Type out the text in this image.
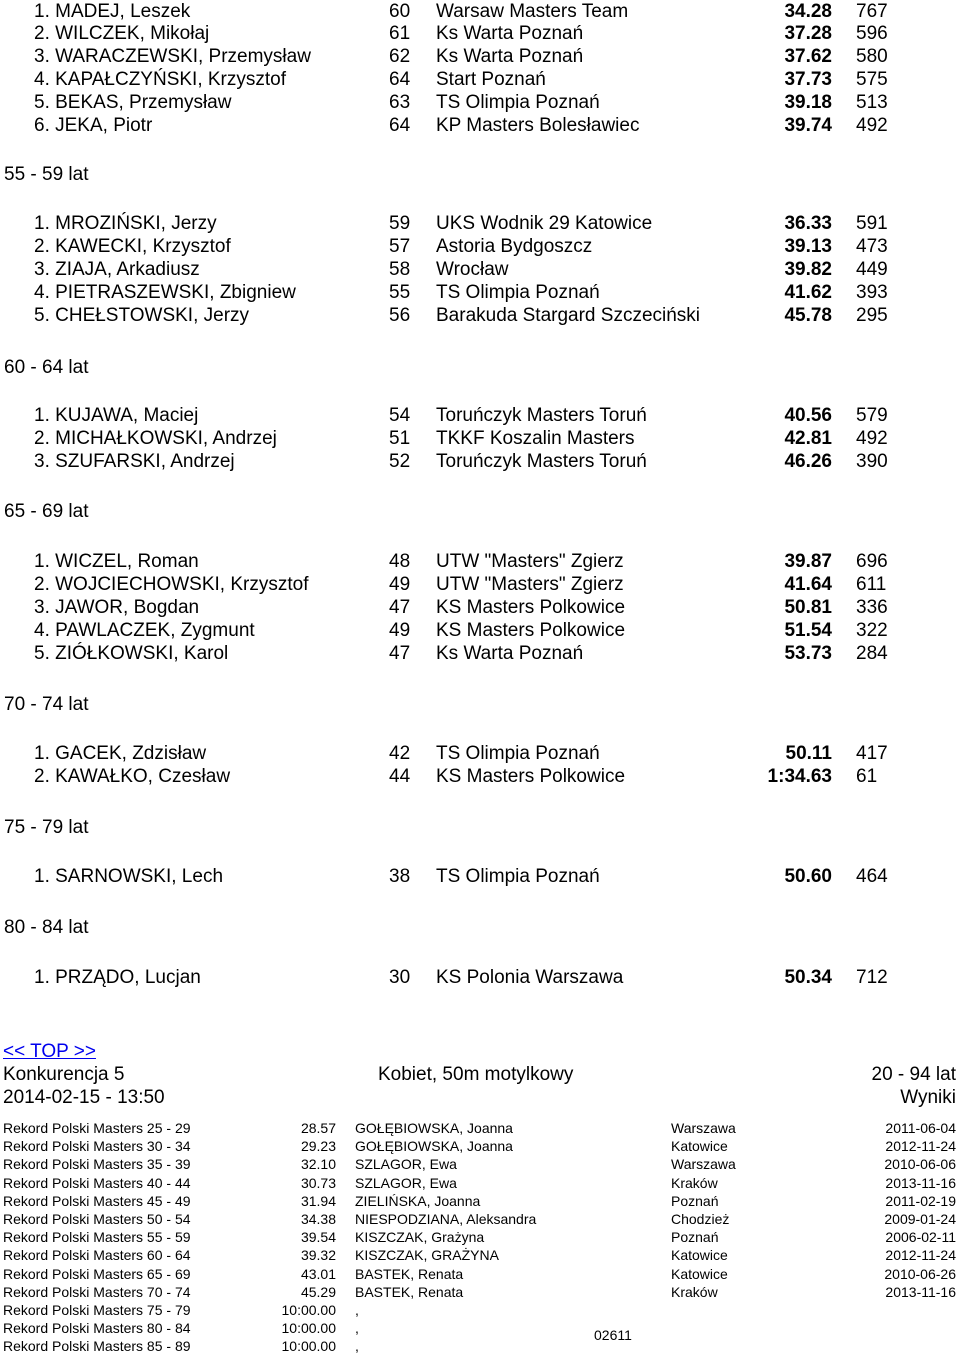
1. MADEJ, Leszek	60 Warsaw Masters Team	34.28 767
2. WILCZEK, Mikołaj	61 Ks Warta Poznań	37.28 596
3. WARACZEWSKI, Przemysław	62 Ks Warta Poznań	37.62 580
4. KAPAŁCZYŃSKI, Krzysztof	64 Start Poznań	37.73 575
5. BEKAS, Przemysław	63 TS Olimpia Poznań	39.18 513
6. JEKA, Piotr	64 KP Masters Bolesławiec	39.74 492
55 - 59 lat
1. MROZIŃSKI, Jerzy	59 UKS Wodnik 29 Katowice	36.33 591
2. KAWECKI, Krzysztof	57 Astoria Bydgoszcz	39.13 473
3. ZIAJA, Arkadiusz	58 Wrocław	39.82 449
4. PIETRASZEWSKI, Zbigniew	55 TS Olimpia Poznań	41.62 393
5. CHEŁSTOWSKI, Jerzy	56 Barakuda Stargard Szczeciński	45.78 295
60 - 64 lat
1. KUJAWA, Maciej	54 Toruńczyk Masters Toruń	40.56 579
2. MICHAŁKOWSKI, Andrzej	51 TKKF Koszalin Masters	42.81 492
3. SZUFARSKI, Andrzej	52 Toruńczyk Masters Toruń	46.26 390
65 - 69 lat
1. WICZEL, Roman	48 UTW "Masters" Zgierz	39.87 696
2. WOJCIECHOWSKI, Krzysztof	49 UTW "Masters" Zgierz	41.64 611
3. JAWOR, Bogdan	47 KS Masters Polkowice	50.81 336
4. PAWLACZEK, Zygmunt	49 KS Masters Polkowice	51.54 322
5. ZIÓŁKOWSKI, Karol	47 Ks Warta Poznań	53.73 284
70 - 74 lat
1. GACEK, Zdzisław	42 TS Olimpia Poznań	50.11 417
2. KAWAŁKO, Czesław	44 KS Masters Polkowice	1:34.63 61
75 - 79 lat
1. SARNOWSKI, Lech	38 TS Olimpia Poznań	50.60 464
80 - 84 lat
1. PRZĄDO, Lucjan	30 KS Polonia Warszawa	50.34 712
Rekord Polski Masters 25 - 29	28.57 GOŁĘBIOWSKA, Joanna	Warszawa	2011-06-04
Rekord Polski Masters 30 - 34	29.23 GOŁĘBIOWSKA, Joanna	Katowice	2012-11-24
Rekord Polski Masters 35 - 39	32.10 SZLAGOR, Ewa	Warszawa	2010-06-06
Rekord Polski Masters 40 - 44	30.73 SZLAGOR, Ewa	Kraków	2013-11-16
Rekord Polski Masters 45 - 49	31.94 ZIELIŃSKA, Joanna	Poznań	2011-02-19
Rekord Polski Masters 50 - 54	34.38 NIESPODZIANA, Aleksandra	Chodzież	2009-01-24
Rekord Polski Masters 55 - 59	39.54 KISZCZAK, Grażyna	Poznań	2006-02-11
Rekord Polski Masters 60 - 64	39.32 KISZCZAK, GRAŻYNA	Katowice	2012-11-24
Rekord Polski Masters 65 - 69	43.01 BASTEK, Renata	Katowice	2010-06-26
Rekord Polski Masters 70 - 74	45.29 BASTEK, Renata	Kraków	2013-11-16
Rekord Polski Masters 75 - 79	10:00.00 ,
Rekord Polski Masters 80 - 84	10:00.00 ,
Rekord Polski Masters 85 - 89	10:00.00 ,
<< TOP >>
Konkurencja 5	Kobiet, 50m motylkowy	20 - 94 lat
2014-02-15 - 13:50	Wyniki
02611
